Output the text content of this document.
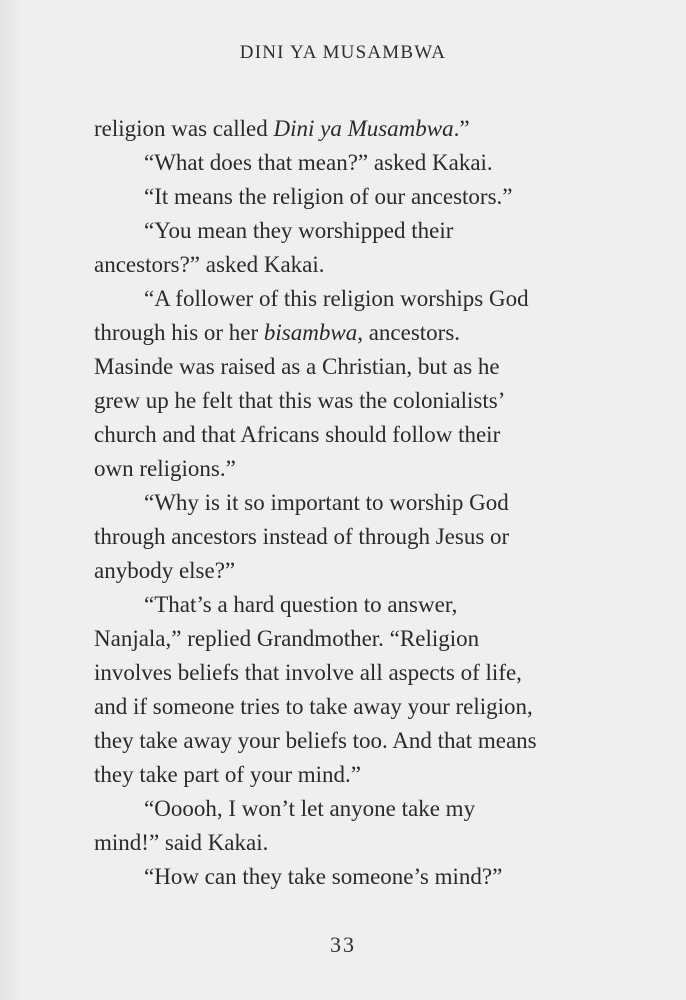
DINI YA MUSAMBWA
religion was called Dini ya Musambwa.”
“What does that mean?” asked Kakai.
“It means the religion of our ancestors.”
“You mean they worshipped their
ancestors?” asked Kakai.
“A follower of this religion worships God
through his or her bisambwa, ancestors.
Masinde was raised as a Christian, but as he
grew up he felt that this was the colonialists’
church and that Africans should follow their
own religions.”
“Why is it so important to worship God
through ancestors instead of through Jesus or
anybody else?”
“That’s a hard question to answer,
Nanjala,” replied Grandmother. “Religion
involves beliefs that involve all aspects of life,
and if someone tries to take away your religion,
they take away your beliefs too. And that means
they take part of your mind.”
“Ooooh, I won’t let anyone take my
mind!” said Kakai.
“How can they take someone’s mind?”
33
